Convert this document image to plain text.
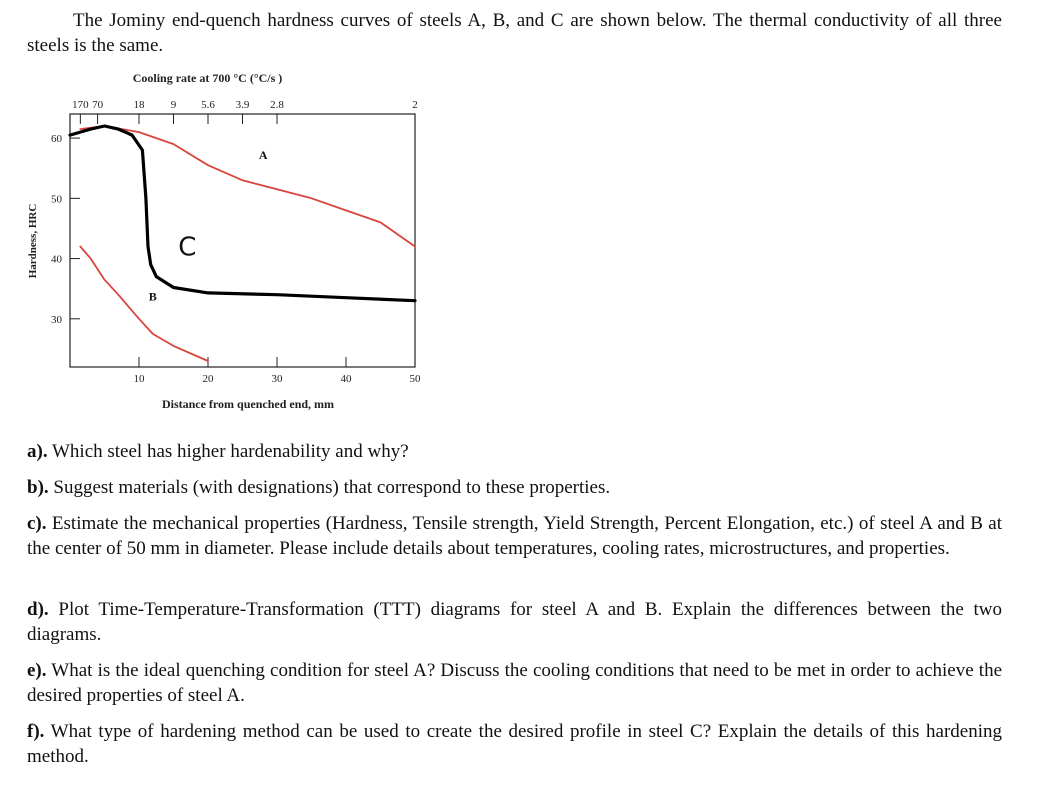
The Jominy end-quench hardness curves of steels A, B, and C are shown below. The thermal conductivity of all three steels is the same.

Cooling rate at 700 °C (°C/s )
170 70	18 9 5.6 3.9 2.8	2
10	20	30	40	50
30
40
50
60
Distance from quenched end, mm
Hardness, HRC
A
B
C

a). Which steel has higher hardenability and why?

b). Suggest materials (with designations) that correspond to these properties.

c). Estimate the mechanical properties (Hardness, Tensile strength, Yield Strength, Percent Elongation, etc.) of steel A and B at the center of 50 mm in diameter. Please include details about temperatures, cooling rates, microstructures, and properties.

d). Plot Time-Temperature-Transformation (TTT) diagrams for steel A and B. Explain the differences between the two diagrams.

e). What is the ideal quenching condition for steel A? Discuss the cooling conditions that need to be met in order to achieve the desired properties of steel A.

f). What type of hardening method can be used to create the desired profile in steel C? Explain the details of this hardening method.
